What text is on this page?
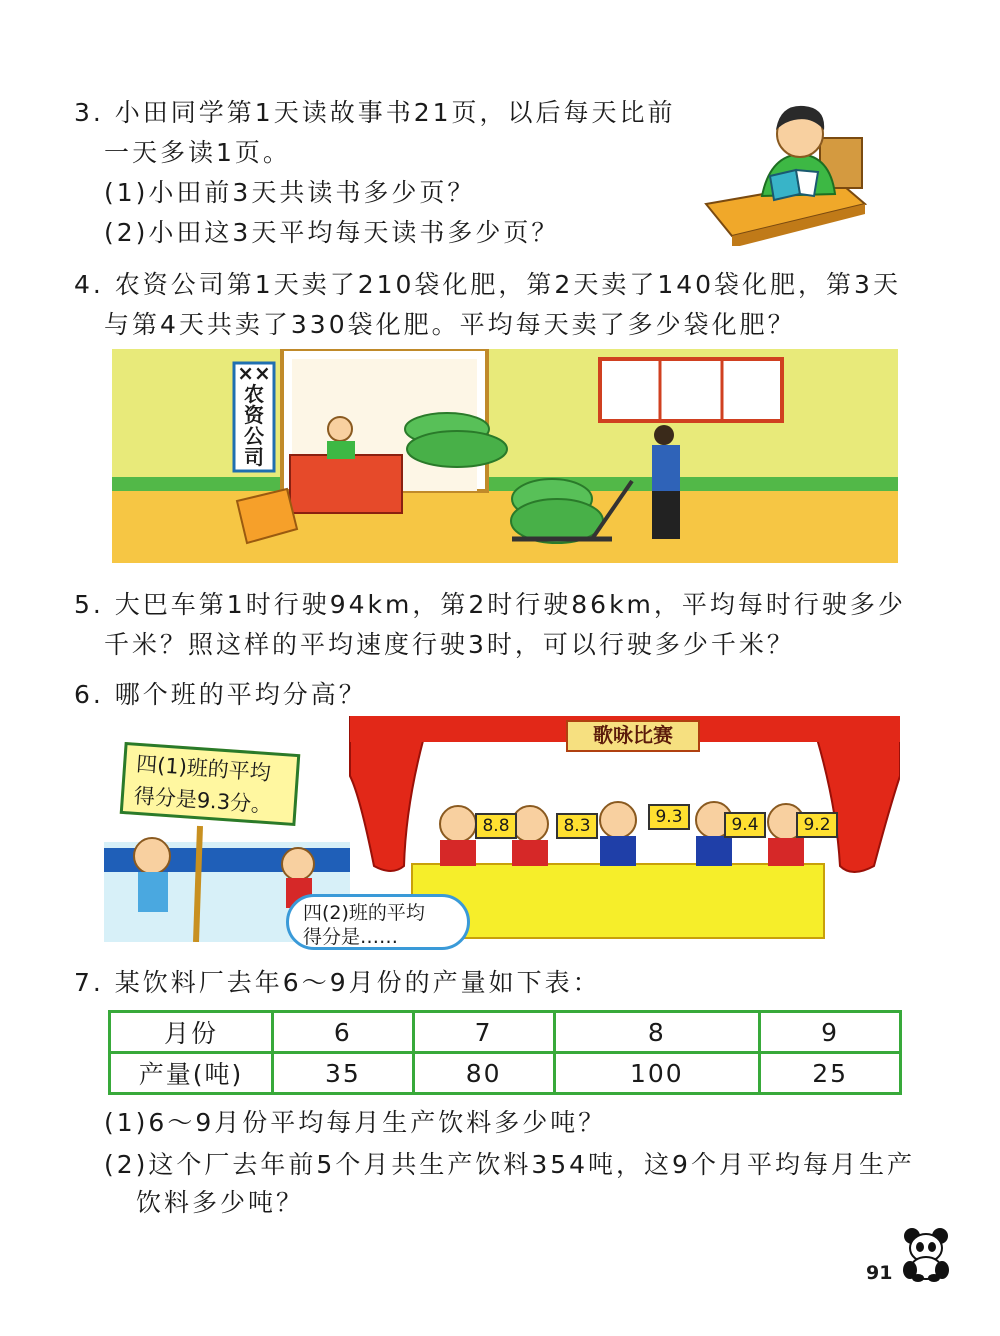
3. 小田同学第1天读故事书21页，以后每天比前
一天多读1页。
(1)小田前3天共读书多少页？
(2)小田这3天平均每天读书多少页？
4. 农资公司第1天卖了210袋化肥，第2天卖了140袋化肥，第3天
与第4天共卖了330袋化肥。平均每天卖了多少袋化肥？
××
农
资
公
司
5. 大巴车第1时行驶94km，第2时行驶86km，平均每时行驶多少
千米？照这样的平均速度行驶3时，可以行驶多少千米？
6. 哪个班的平均分高？
歌咏比赛
四(1)班的平均
得分是9.3分。
四(2)班的平均
得分是……
8.8	8.3	9.3	9.4	9.2
7. 某饮料厂去年6～9月份的产量如下表：
月份	6	7	8	9
产量(吨)	35	80	100	25
(1)6～9月份平均每月生产饮料多少吨？
(2)这个厂去年前5个月共生产饮料354吨，这9个月平均每月生产
饮料多少吨？
91
